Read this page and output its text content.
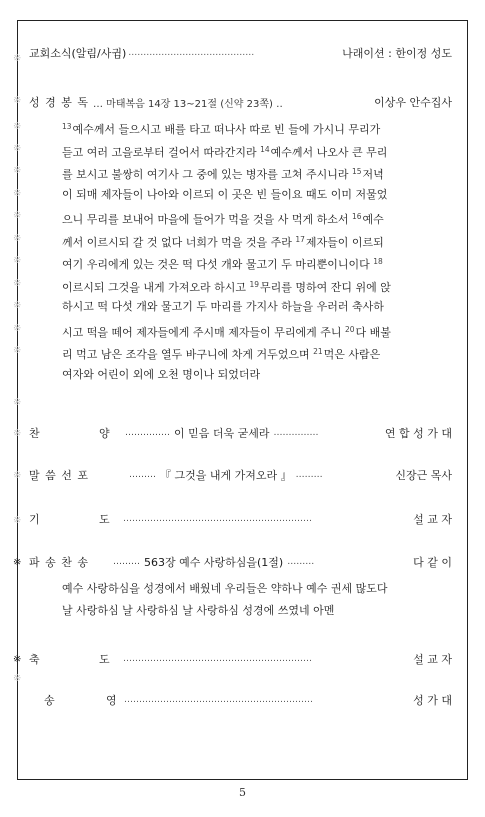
※
※
※
※
※
※
※
※
※
※
※
※
※
※
※
※
※
※
교회소식(알림/사귐) ……………………………………	나래이션 : 한이정 성도
성 경 봉 독 … 마태복음 14장 13~21절 (신약 23쪽) ‥	이상우 안수집사
$^{13}$예수께서 들으시고 배를 타고 떠나사 따로 빈 들에 가시니 무리가
듣고 여러 고을로부터 걸어서 따라간지라 $^{14}$예수께서 나오사 큰 무리
를 보시고 불쌍히 여기사 그 중에 있는 병자를 고쳐 주시니라 $^{15}$저녁
이 되매 제자들이 나아와 이르되 이 곳은 빈 들이요 때도 이미 저물었
으니 무리를 보내어 마을에 들어가 먹을 것을 사 먹게 하소서 $^{16}$예수
께서 이르시되 갈 것 없다 너희가 먹을 것을 주라 $^{17}$제자들이 이르되
여기 우리에게 있는 것은 떡 다섯 개와 물고기 두 마리뿐이니이다 $^{18}$
이르시되 그것을 내게 가져오라 하시고 $^{19}$무리를 명하여 잔디 위에 앉
하시고 떡 다섯 개와 물고기 두 마리를 가지사 하늘을 우러러 축사하
시고 떡을 떼어 제자들에게 주시매 제자들이 무리에게 주니 $^{20}$다 배불
리 먹고 남은 조각을 열두 바구니에 차게 거두었으며 $^{21}$먹은 사람은
여자와 어린이 외에 오천 명이나 되었더라
찬	양	…………… 이 믿음 더욱 굳세라 ……………	연 합 성 가 대
말 씀 선 포	……… 『 그것을 내게 가져오라 』 ………	신장근 목사
기	도	………………………………………………………	설 교 자
※ 파 송 찬 송	……… 563장 예수 사랑하심을(1절) ………	다 같 이
예수 사랑하심을 성경에서 배웠네 우리들은 약하나 예수 권세 많도다
날 사랑하심 날 사랑하심 날 사랑하심 성경에 쓰였네 아멘
※ 축	도	………………………………………………………	설 교 자
송	영 ………………………………………………………	성 가 대
5
